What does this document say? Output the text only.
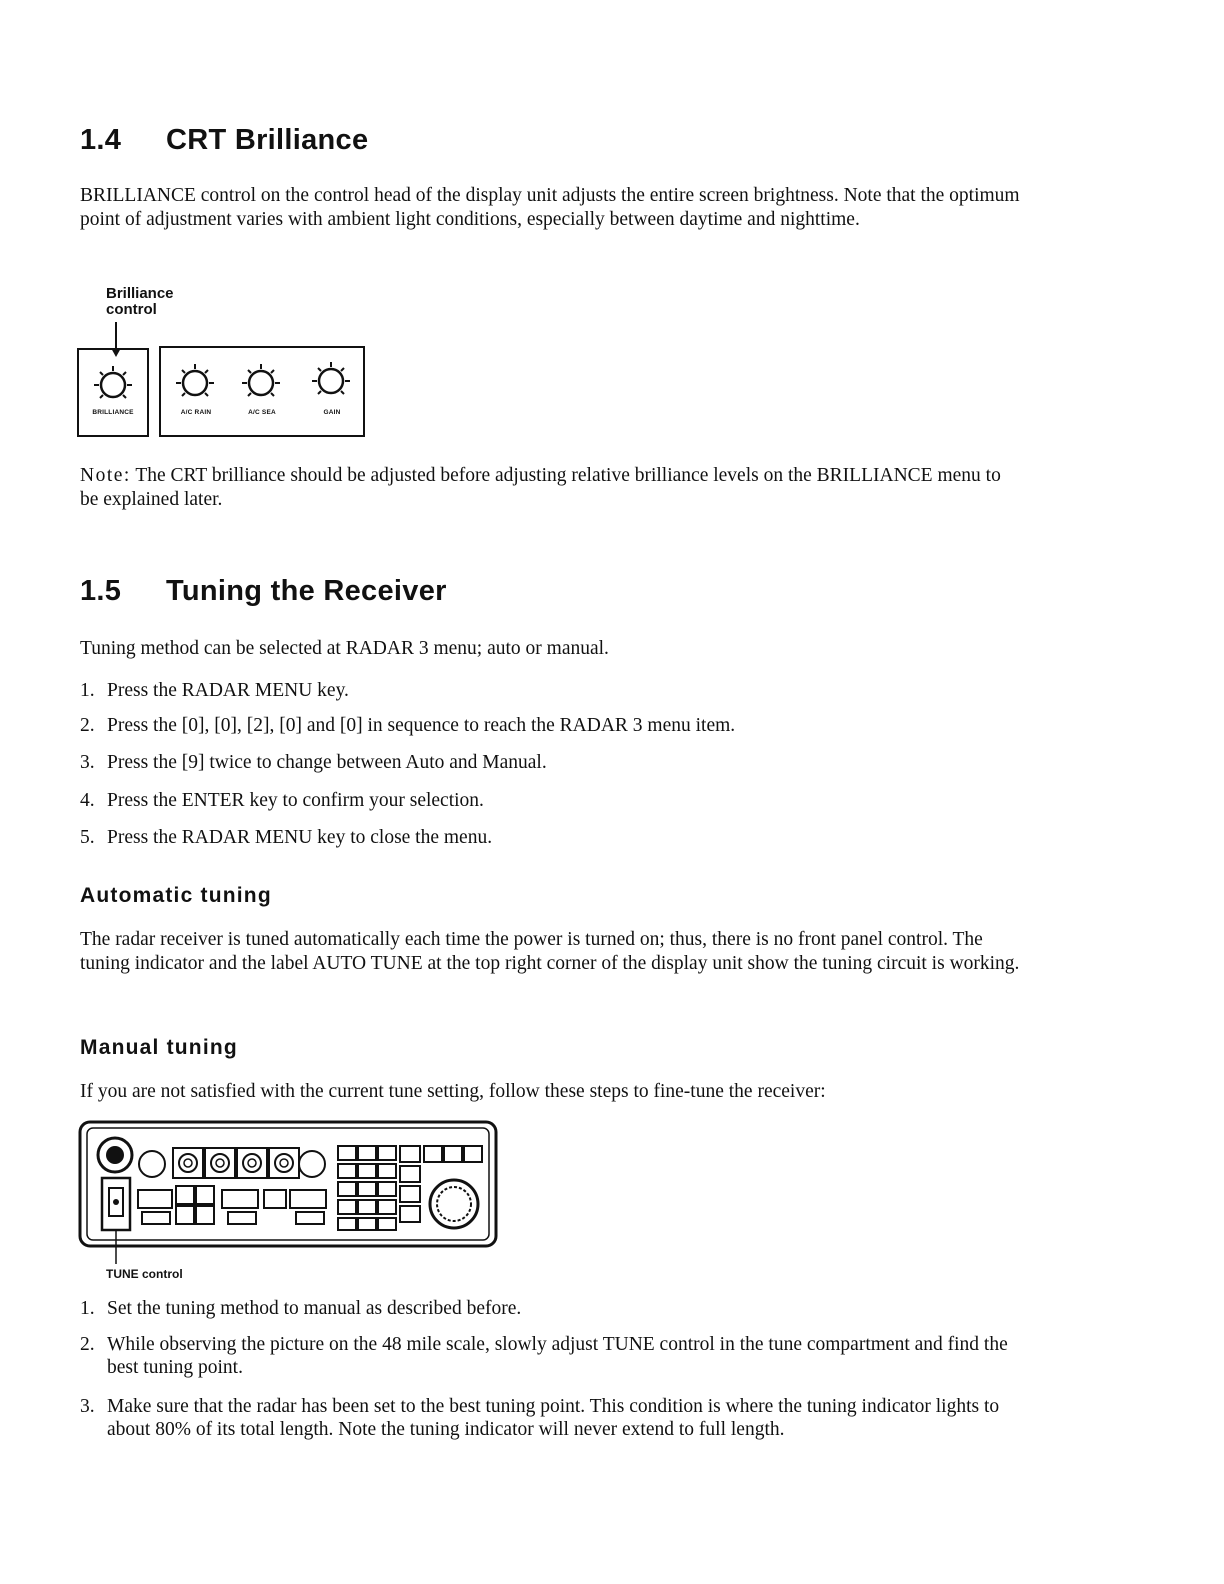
1.4 CRT Brilliance
BRILLIANCE control on the control head of the display unit adjusts the entire screen brightness. Note that the optimum point of adjustment varies with ambient light conditions, especially between daytime and nighttime.
Brilliance
control
BRILLIANCE	A/C RAIN	A/C SEA	GAIN
Note: The CRT brilliance should be adjusted before adjusting relative brilliance levels on the BRILLIANCE menu to be explained later.
1.5 Tuning the Receiver
Tuning method can be selected at RADAR 3 menu; auto or manual.
1. Press the RADAR MENU key.
2. Press the [0], [0], [2], [0] and [0] in sequence to reach the RADAR 3 menu item.
3. Press the [9] twice to change between Auto and Manual.
4. Press the ENTER key to confirm your selection.
5. Press the RADAR MENU key to close the menu.
Automatic tuning
The radar receiver is tuned automatically each time the power is turned on; thus, there is no front panel control. The tuning indicator and the label AUTO TUNE at the top right corner of the display unit show the tuning circuit is working.
Manual tuning
If you are not satisfied with the current tune setting, follow these steps to fine-tune the receiver:
TUNE control
1. Set the tuning method to manual as described before.
2. While observing the picture on the 48 mile scale, slowly adjust TUNE control in the tune compartment and find the best tuning point.
3. Make sure that the radar has been set to the best tuning point. This condition is where the tuning indicator lights to about 80% of its total length. Note the tuning indicator will never extend to full length.
